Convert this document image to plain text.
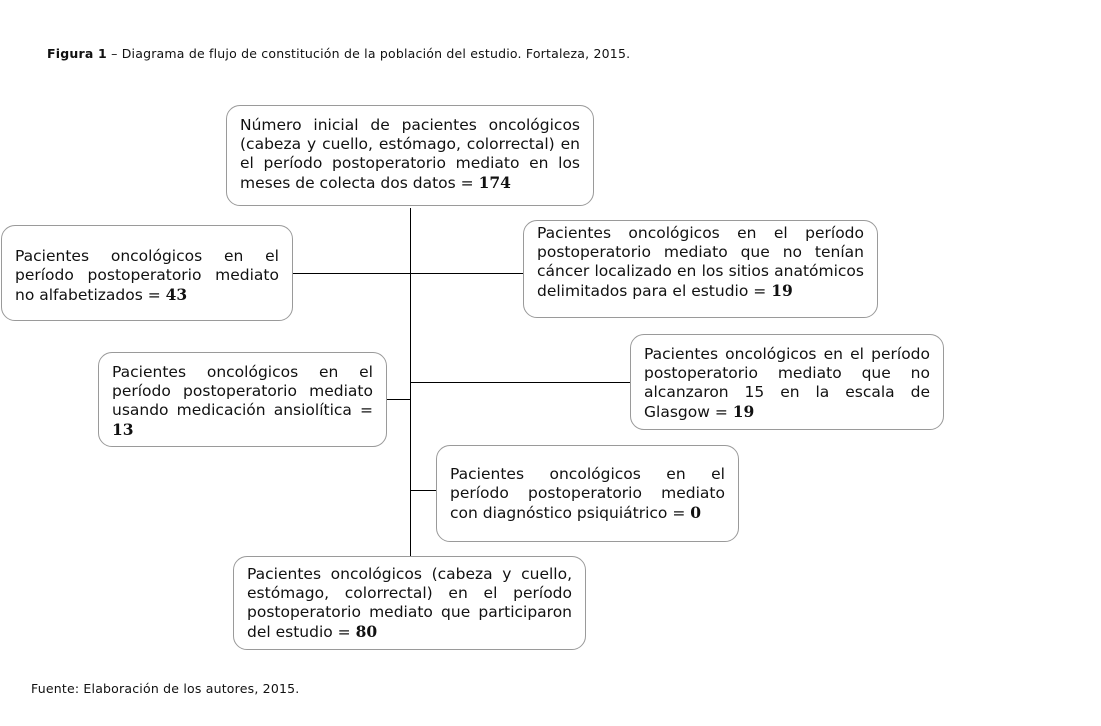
Figura 1 – Diagrama de flujo de constitución de la población del estudio. Fortaleza, 2015.
Número inicial de pacientes oncológicos (cabeza y cuello, estómago, colorrectal) en el período postoperatorio mediato en los meses de colecta dos datos = 174
Pacientes oncológicos en el período postoperatorio mediato no alfabetizados = 43
Pacientes oncológicos en el período postoperatorio mediato que no tenían cáncer localizado en los sitios anatómicos delimitados para el estudio = 19
Pacientes oncológicos en el período postoperatorio mediato usando medicación ansiolítica = 13
Pacientes oncológicos en el período postoperatorio mediato que no alcanzaron 15 en la escala de Glasgow = 19
Pacientes oncológicos en el período postoperatorio mediato con diagnóstico psiquiátrico = 0
Pacientes oncológicos (cabeza y cuello, estómago, colorrectal) en el período postoperatorio mediato que participaron del estudio = 80
Fuente: Elaboración de los autores, 2015.
